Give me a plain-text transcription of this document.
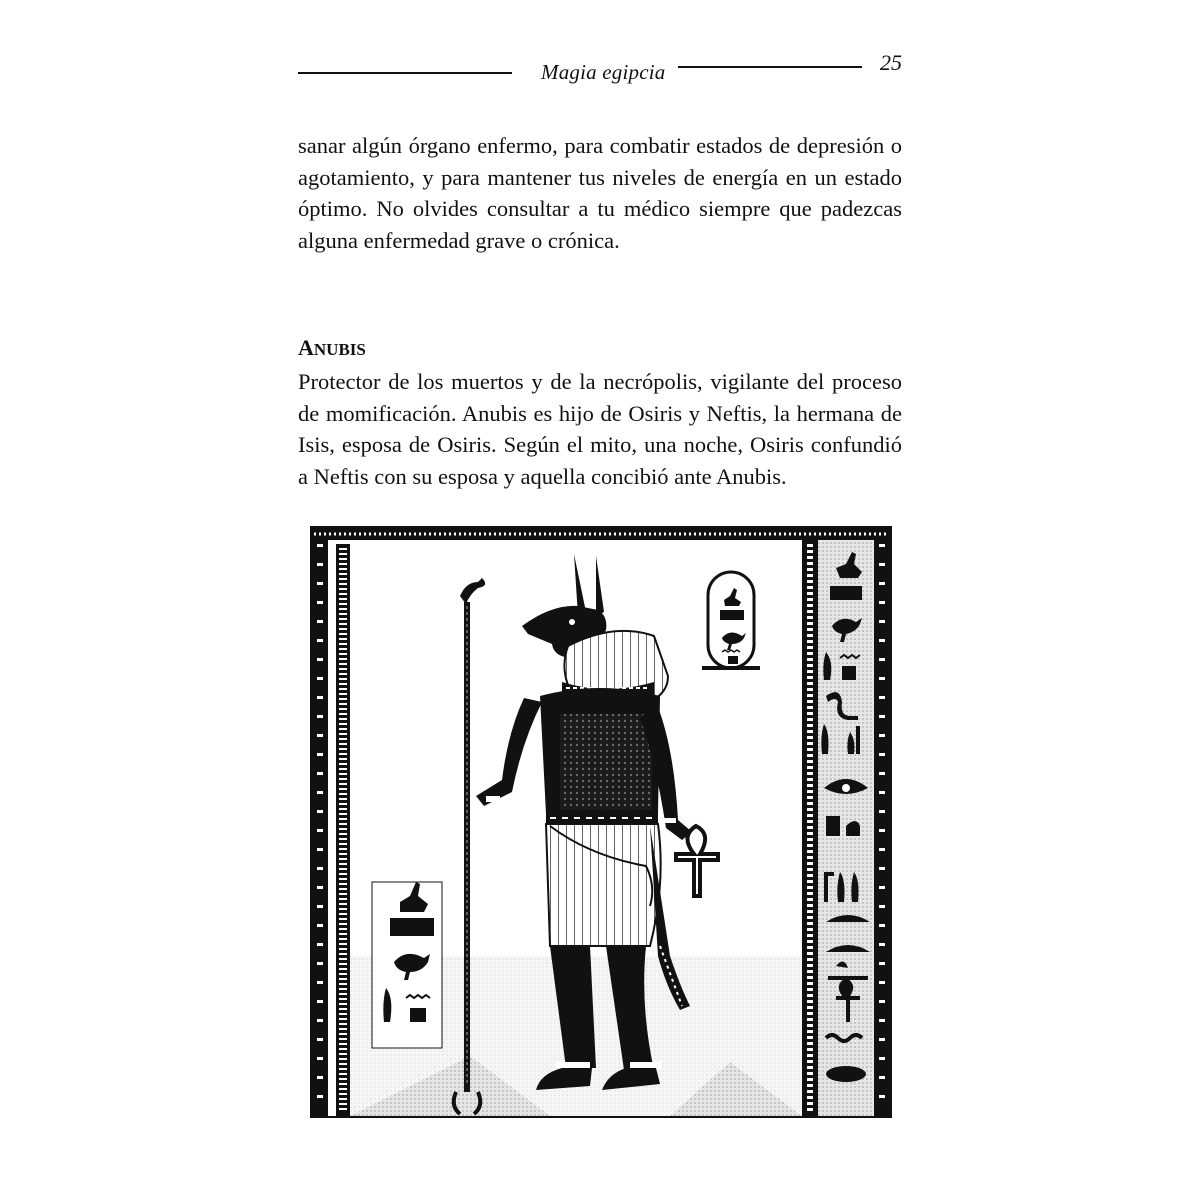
Magia egipcia	25

sanar algún órgano enfermo, para combatir estados de depresión o agotamiento, y para mantener tus niveles de energía en un estado óptimo. No olvides consultar a tu médico siempre que padezcas alguna enfermedad grave o crónica.

ANUBIS

Protector de los muertos y de la necrópolis, vigilante del proceso de momificación. Anubis es hijo de Osiris y Neftis, la hermana de Isis, esposa de Osiris. Según el mito, una noche, Osiris confundió a Neftis con su esposa y aquella concibió ante Anubis.
